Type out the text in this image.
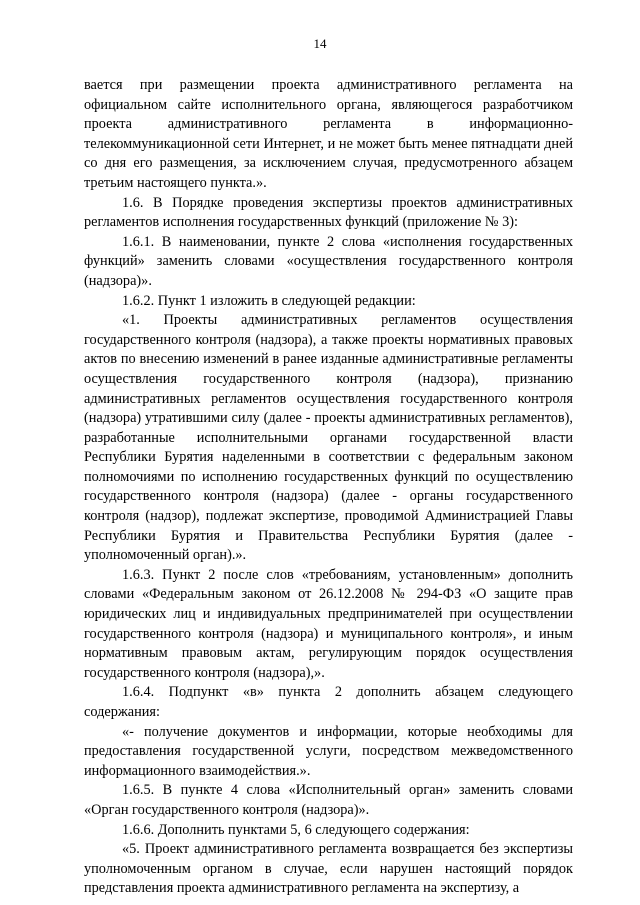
14

вается при размещении проекта административного регламента на официальном сайте исполнительного органа, являющегося разработчиком проекта административного регламента в информационно-телекоммуникационной сети Интернет, и не может быть менее пятнадцати дней со дня его размещения, за исключением случая, предусмотренного абзацем третьим настоящего пункта.».

1.6. В Порядке проведения экспертизы проектов административных регламентов исполнения государственных функций (приложение № 3):

1.6.1. В наименовании, пункте 2 слова «исполнения государственных функций» заменить словами «осуществления государственного контроля (надзора)».

1.6.2. Пункт 1 изложить в следующей редакции:

«1. Проекты административных регламентов осуществления государственного контроля (надзора), а также проекты нормативных правовых актов по внесению изменений в ранее изданные административные регламенты осуществления государственного контроля (надзора), признанию административных регламентов осуществления государственного контроля (надзора) утратившими силу (далее - проекты административных регламентов), разработанные исполнительными органами государственной власти Республики Бурятия наделенными в соответствии с федеральным законом полномочиями по исполнению государственных функций по осуществлению государственного контроля (надзора) (далее - органы государственного контроля (надзор), подлежат экспертизе, проводимой Администрацией Главы Республики Бурятия и Правительства Республики Бурятия (далее - уполномоченный орган).».

1.6.3. Пункт 2 после слов «требованиям, установленным» дополнить словами «Федеральным законом от 26.12.2008 № 294-ФЗ «О защите прав юридических лиц и индивидуальных предпринимателей при осуществлении государственного контроля (надзора) и муниципального контроля», и иным нормативным правовым актам, регулирующим порядок осуществления государственного контроля (надзора),».

1.6.4. Подпункт «в» пункта 2 дополнить абзацем следующего содержания:

«- получение документов и информации, которые необходимы для предоставления государственной услуги, посредством межведомственного информационного взаимодействия.».

1.6.5. В пункте 4 слова «Исполнительный орган» заменить словами «Орган государственного контроля (надзора)».

1.6.6. Дополнить пунктами 5, 6 следующего содержания:

«5. Проект административного регламента возвращается без экспертизы уполномоченным органом в случае, если нарушен настоящий порядок представления проекта административного регламента на экспертизу, а
